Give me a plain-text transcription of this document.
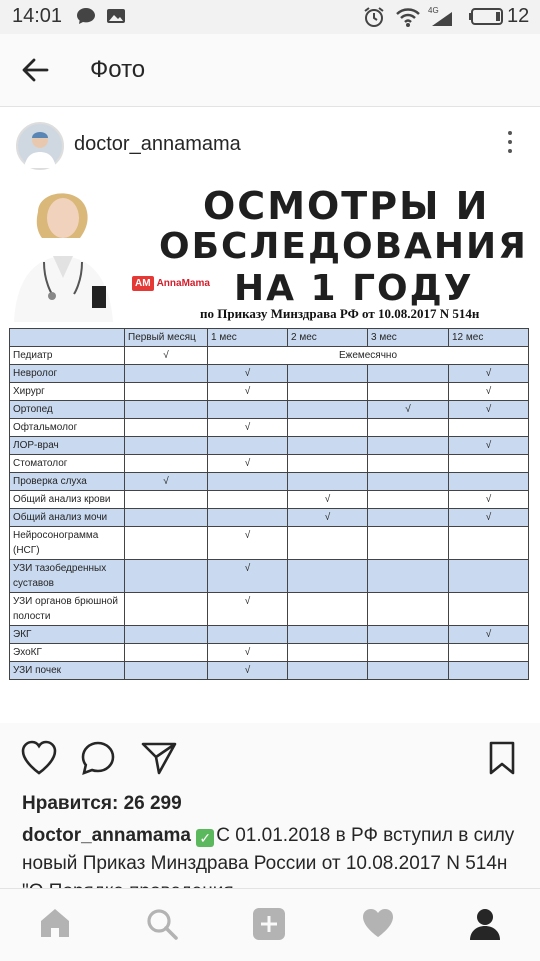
14:01	4G	12
Фото
doctor_annamama
ОСМОТРЫ И
ОБСЛЕДОВАНИЯ
НА 1 ГОДУ
AM AnnaMama
по Приказу Минздрава РФ от 10.08.2017 N 514н
	Первый месяц	1 мес	2 мес	3 мес	12 мес
Педиатр	√	Ежемесячно			
Невролог		√			√
Хирург		√			√
Ортопед				√	√
Офтальмолог		√			
ЛОР-врач					√
Стоматолог		√			
Проверка слуха	√				
Общий анализ крови			√		√
Общий анализ мочи			√		√
Нейросонограмма (НСГ)		√			
УЗИ тазобедренных суставов		√			
УЗИ органов брюшной полости		√			
ЭКГ					√
ЭхоКГ		√			
УЗИ почек		√			
Нравится: 26 299
doctor_annamama ✓ С 01.01.2018 в РФ вступил в силу новый Приказ Минздрава России от 10.08.2017 N 514н
